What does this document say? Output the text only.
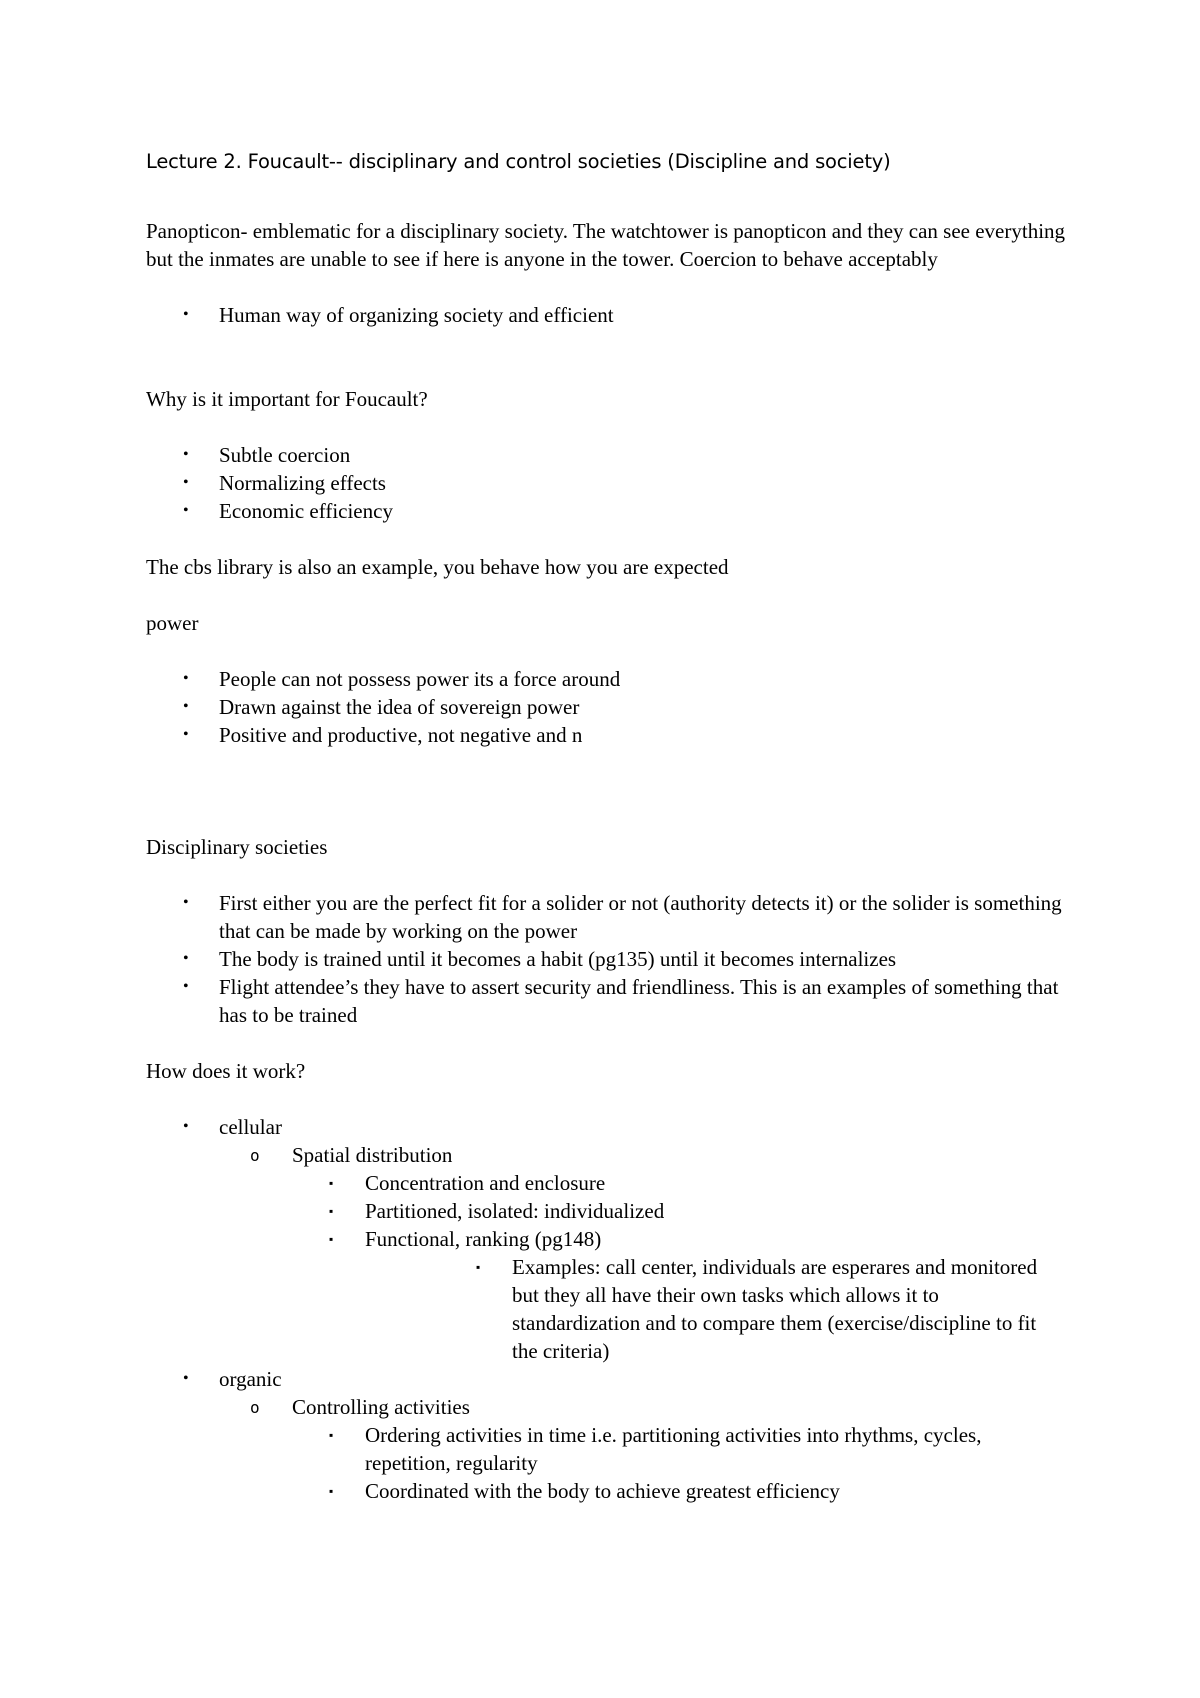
Lecture 2. Foucault-- disciplinary and control societies (Discipline and society)

Panopticon- emblematic for a disciplinary society. The watchtower is panopticon and they can see everything but the inmates are unable to see if here is anyone in the tower. Coercion to behave acceptably

• Human way of organizing society and efficient

Why is it important for Foucault?

• Subtle coercion
• Normalizing effects
• Economic efficiency

The cbs library is also an example, you behave how you are expected

power

• People can not possess power its a force around
• Drawn against the idea of sovereign power
• Positive and productive, not negative and n

Disciplinary societies

• First either you are the perfect fit for a solider or not (authority detects it) or the solider is something that can be made by working on the power
• The body is trained until it becomes a habit (pg135) until it becomes internalizes
• Flight attendee’s they have to assert security and friendliness. This is an examples of something that has to be trained

How does it work?

• cellular
o Spatial distribution
▪ Concentration and enclosure
▪ Partitioned, isolated: individualized
▪ Functional, ranking (pg148)
▪ Examples: call center, individuals are esperares and monitored but they all have their own tasks which allows it to standardization and to compare them (exercise/discipline to fit the criteria)
• organic
o Controlling activities
▪ Ordering activities in time i.e. partitioning activities into rhythms, cycles, repetition, regularity
▪ Coordinated with the body to achieve greatest efficiency
